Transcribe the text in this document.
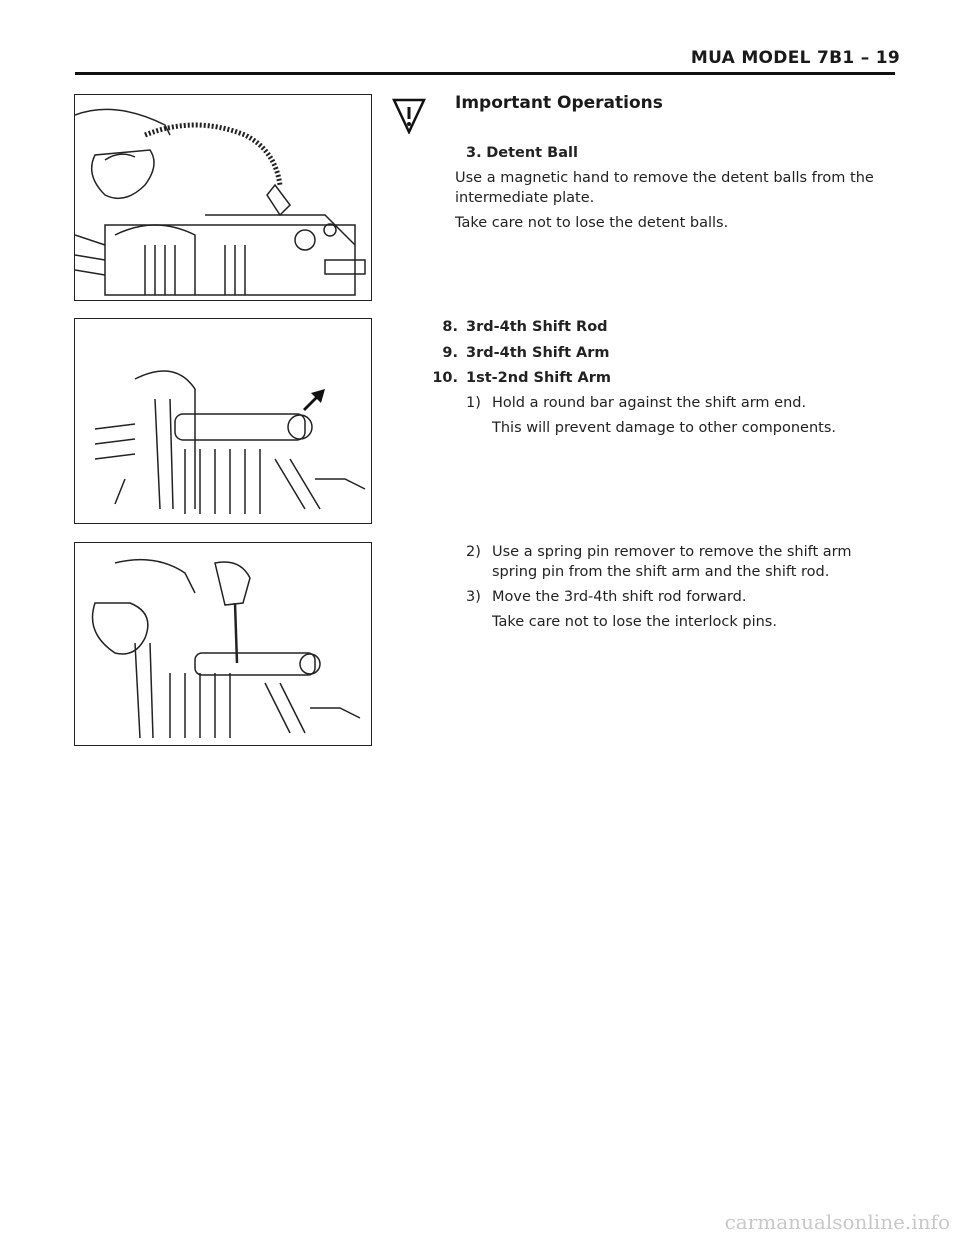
MUA MODEL 7B1 – 19
Important Operations
3. Detent Ball
Use a magnetic hand to remove the detent balls from the intermediate plate.
Take care not to lose the detent balls.
8. 3rd-4th Shift Rod
9. 3rd-4th Shift Arm
10. 1st-2nd Shift Arm
1) Hold a round bar against the shift arm end.
This will prevent damage to other components.
2) Use a spring pin remover to remove the shift arm spring pin from the shift arm and the shift rod.
3) Move the 3rd-4th shift rod forward.
Take care not to lose the interlock pins.
carmanualsonline.info
